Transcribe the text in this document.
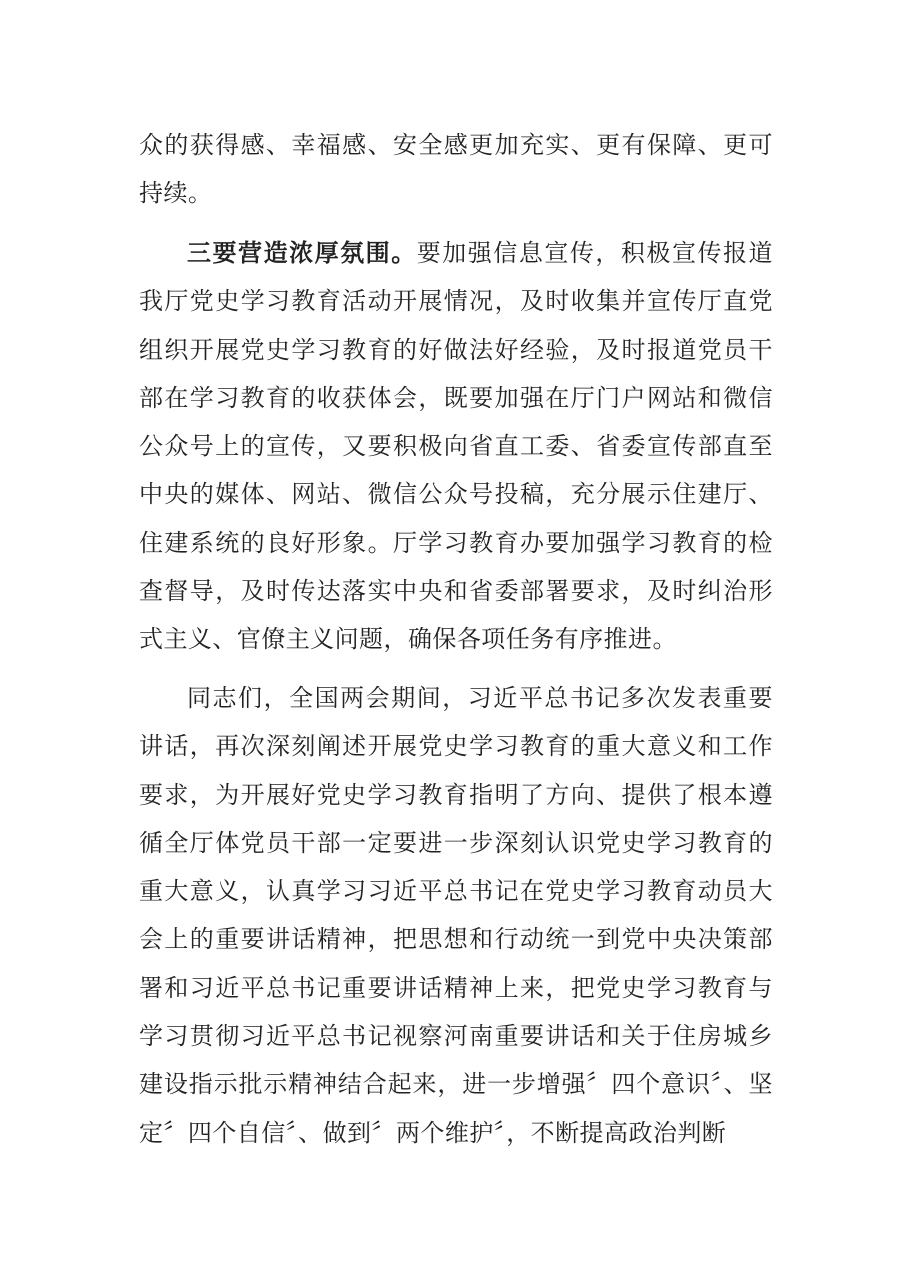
众的获得感、幸福感、安全感更加充实、更有保障、更可持续。

三要营造浓厚氛围。要加强信息宣传，积极宣传报道我厅党史学习教育活动开展情况，及时收集并宣传厅直党组织开展党史学习教育的好做法好经验，及时报道党员干部在学习教育的收获体会，既要加强在厅门户网站和微信公众号上的宣传，又要积极向省直工委、省委宣传部直至中央的媒体、网站、微信公众号投稿，充分展示住建厅、住建系统的良好形象。厅学习教育办要加强学习教育的检查督导，及时传达落实中央和省委部署要求，及时纠治形式主义、官僚主义问题，确保各项任务有序推进。

同志们，全国两会期间，习近平总书记多次发表重要讲话，再次深刻阐述开展党史学习教育的重大意义和工作要求，为开展好党史学习教育指明了方向、提供了根本遵循全厅体党员干部一定要进一步深刻认识党史学习教育的重大意义，认真学习习近平总书记在党史学习教育动员大会上的重要讲话精神，把思想和行动统一到党中央决策部署和习近平总书记重要讲话精神上来，把党史学习教育与学习贯彻习近平总书记视察河南重要讲话和关于住房城乡建设指示批示精神结合起来，进一步增强〞四个意识〞、坚定〞四个自信〞、做到〞两个维护〞，不断提高政治判断
